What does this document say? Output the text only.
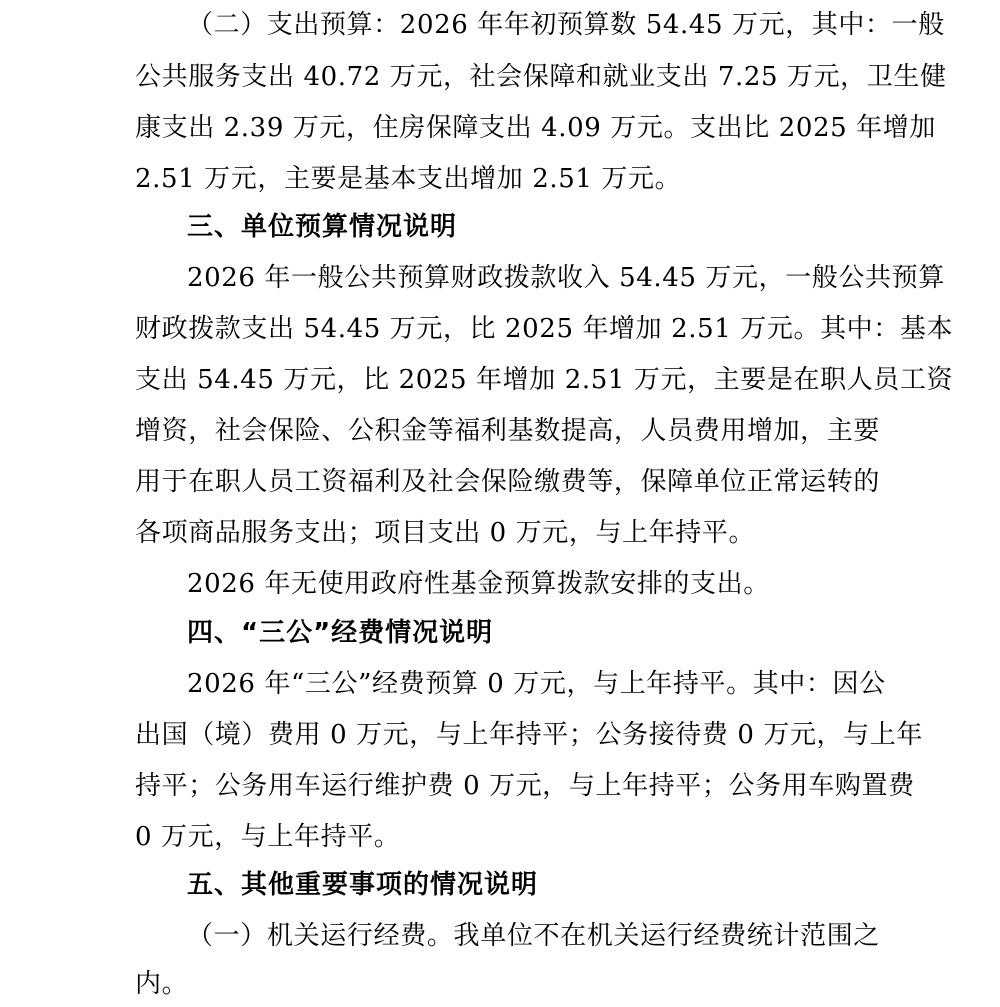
（二）支出预算：2026 年年初预算数 54.45 万元，其中：一般
公共服务支出 40.72 万元，社会保障和就业支出 7.25 万元，卫生健
康支出 2.39 万元，住房保障支出 4.09 万元。支出比 2025 年增加
2.51 万元，主要是基本支出增加 2.51 万元。
三、单位预算情况说明
2026 年一般公共预算财政拨款收入 54.45 万元，一般公共预算
财政拨款支出 54.45 万元，比 2025 年增加 2.51 万元。其中：基本
支出 54.45 万元，比 2025 年增加 2.51 万元，主要是在职人员工资
增资，社会保险、公积金等福利基数提高，人员费用增加，主要
用于在职人员工资福利及社会保险缴费等，保障单位正常运转的
各项商品服务支出；项目支出 0 万元，与上年持平。
2026 年无使用政府性基金预算拨款安排的支出。
四、“三公”经费情况说明
2026 年“三公”经费预算 0 万元，与上年持平。其中：因公
出国（境）费用 0 万元，与上年持平；公务接待费 0 万元，与上年
持平；公务用车运行维护费 0 万元，与上年持平；公务用车购置费
0 万元，与上年持平。
五、其他重要事项的情况说明
（一）机关运行经费。我单位不在机关运行经费统计范围之
内。
